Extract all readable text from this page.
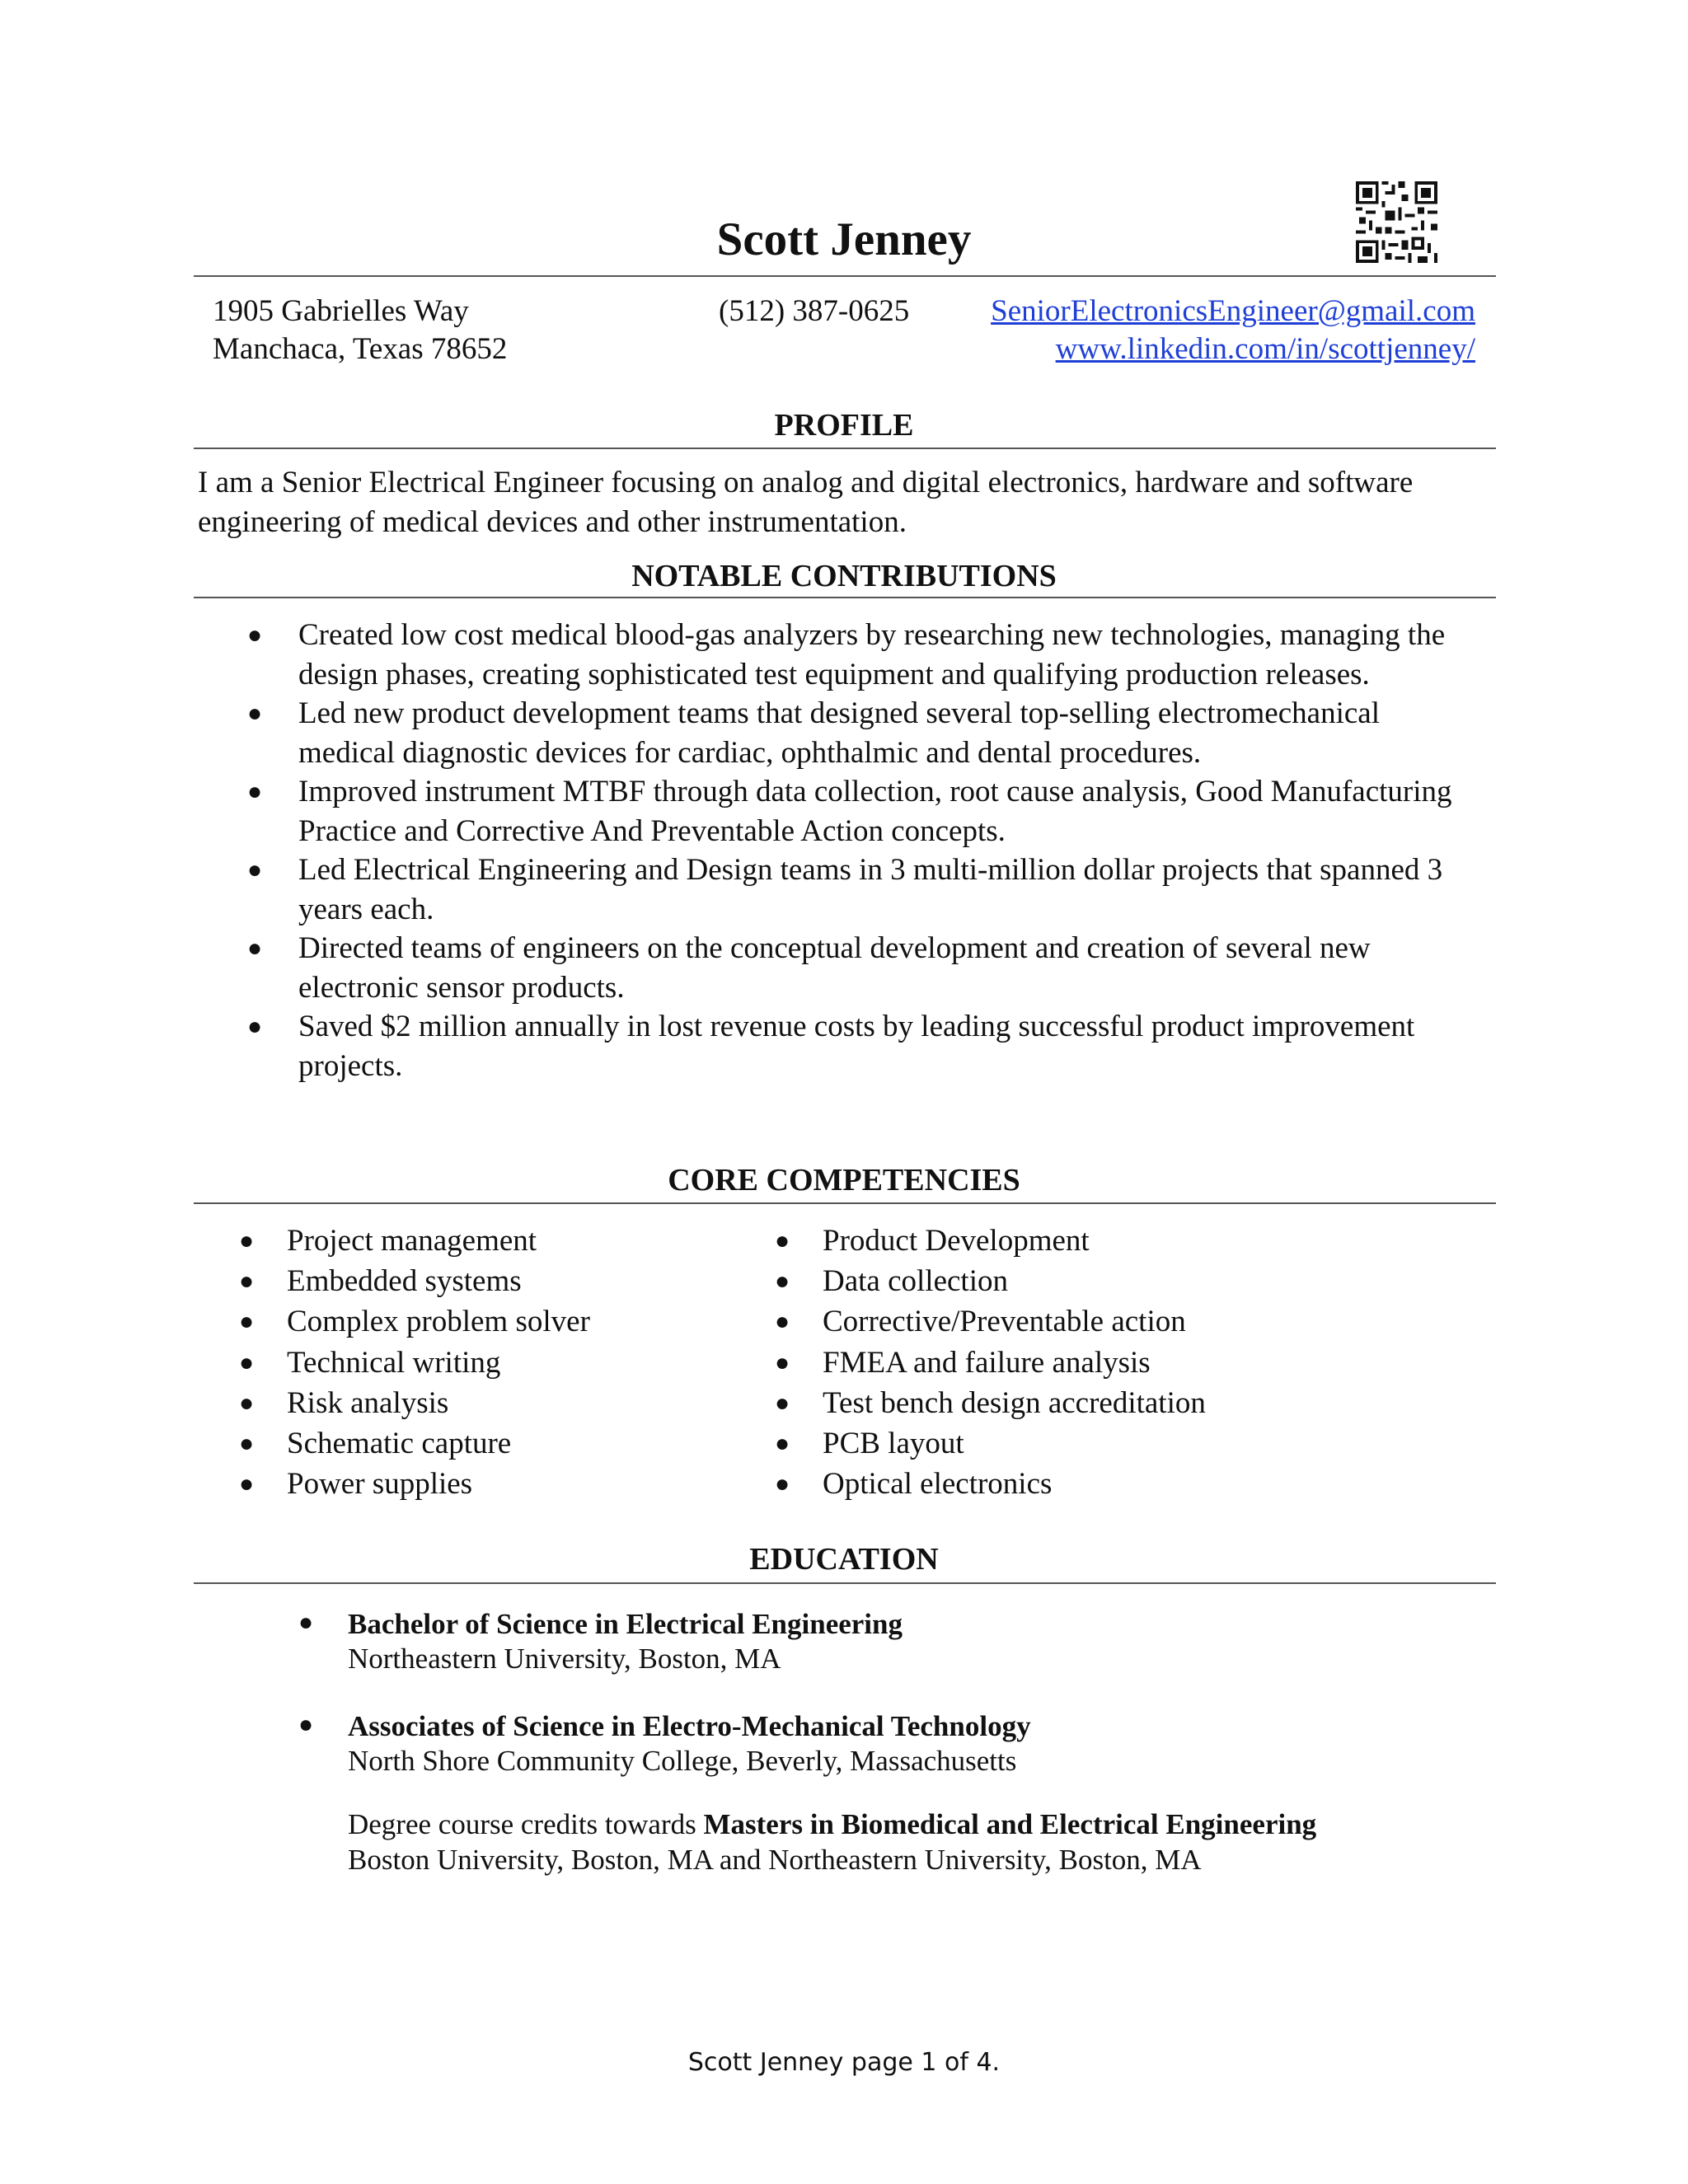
Scott Jenney
1905 Gabrielles Way
Manchaca, Texas 78652
(512) 387-0625	SeniorElectronicsEngineer@gmail.com
www.linkedin.com/in/scottjenney/
PROFILE
I am a Senior Electrical Engineer focusing on analog and digital electronics, hardware and software engineering of medical devices and other instrumentation.
NOTABLE CONTRIBUTIONS
● Created low cost medical blood-gas analyzers by researching new technologies, managing the design phases, creating sophisticated test equipment and qualifying production releases.
● Led new product development teams that designed several top-selling electromechanical medical diagnostic devices for cardiac, ophthalmic and dental procedures.
● Improved instrument MTBF through data collection, root cause analysis, Good Manufacturing Practice and Corrective And Preventable Action concepts.
● Led Electrical Engineering and Design teams in 3 multi-million dollar projects that spanned 3 years each.
● Directed teams of engineers on the conceptual development and creation of several new electronic sensor products.
● Saved $2 million annually in lost revenue costs by leading successful product improvement projects.
CORE COMPETENCIES
● Project management
● Embedded systems
● Complex problem solver
● Technical writing
● Risk analysis
● Schematic capture
● Power supplies
● Product Development
● Data collection
● Corrective/Preventable action
● FMEA and failure analysis
● Test bench design accreditation
● PCB layout
● Optical electronics
EDUCATION
● Bachelor of Science in Electrical Engineering
Northeastern University, Boston, MA
● Associates of Science in Electro-Mechanical Technology
North Shore Community College, Beverly, Massachusetts
Degree course credits towards Masters in Biomedical and Electrical Engineering
Boston University, Boston, MA and Northeastern University, Boston, MA
Scott Jenney page 1 of 4.
